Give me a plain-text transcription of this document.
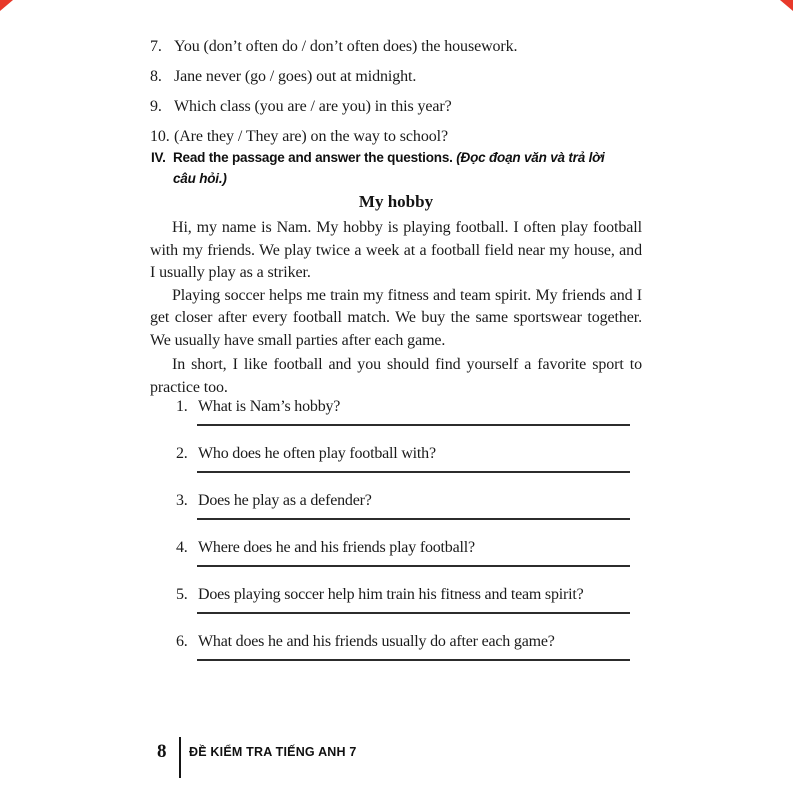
7. You (don’t often do / don’t often does) the housework.
8. Jane never (go / goes) out at midnight.
9. Which class (you are / are you) in this year?
10. (Are they / They are) on the way to school?
IV. Read the passage and answer the questions. (Đọc đoạn văn và trả lời
câu hỏi.)
My hobby

Hi, my name is Nam. My hobby is playing football. I often play football with my friends. We play twice a week at a football field near my house, and I usually play as a striker.

Playing soccer helps me train my fitness and team spirit. My friends and I get closer after every football match. We buy the same sportswear together. We usually have small parties after each game.

In short, I like football and you should find yourself a favorite sport to practice too.

1. What is Nam’s hobby?
2. Who does he often play football with?
3. Does he play as a defender?
4. Where does he and his friends play football?
5. Does playing soccer help him train his fitness and team spirit?
6. What does he and his friends usually do after each game?
8 ĐỀ KIỂM TRA TIẾNG ANH 7
